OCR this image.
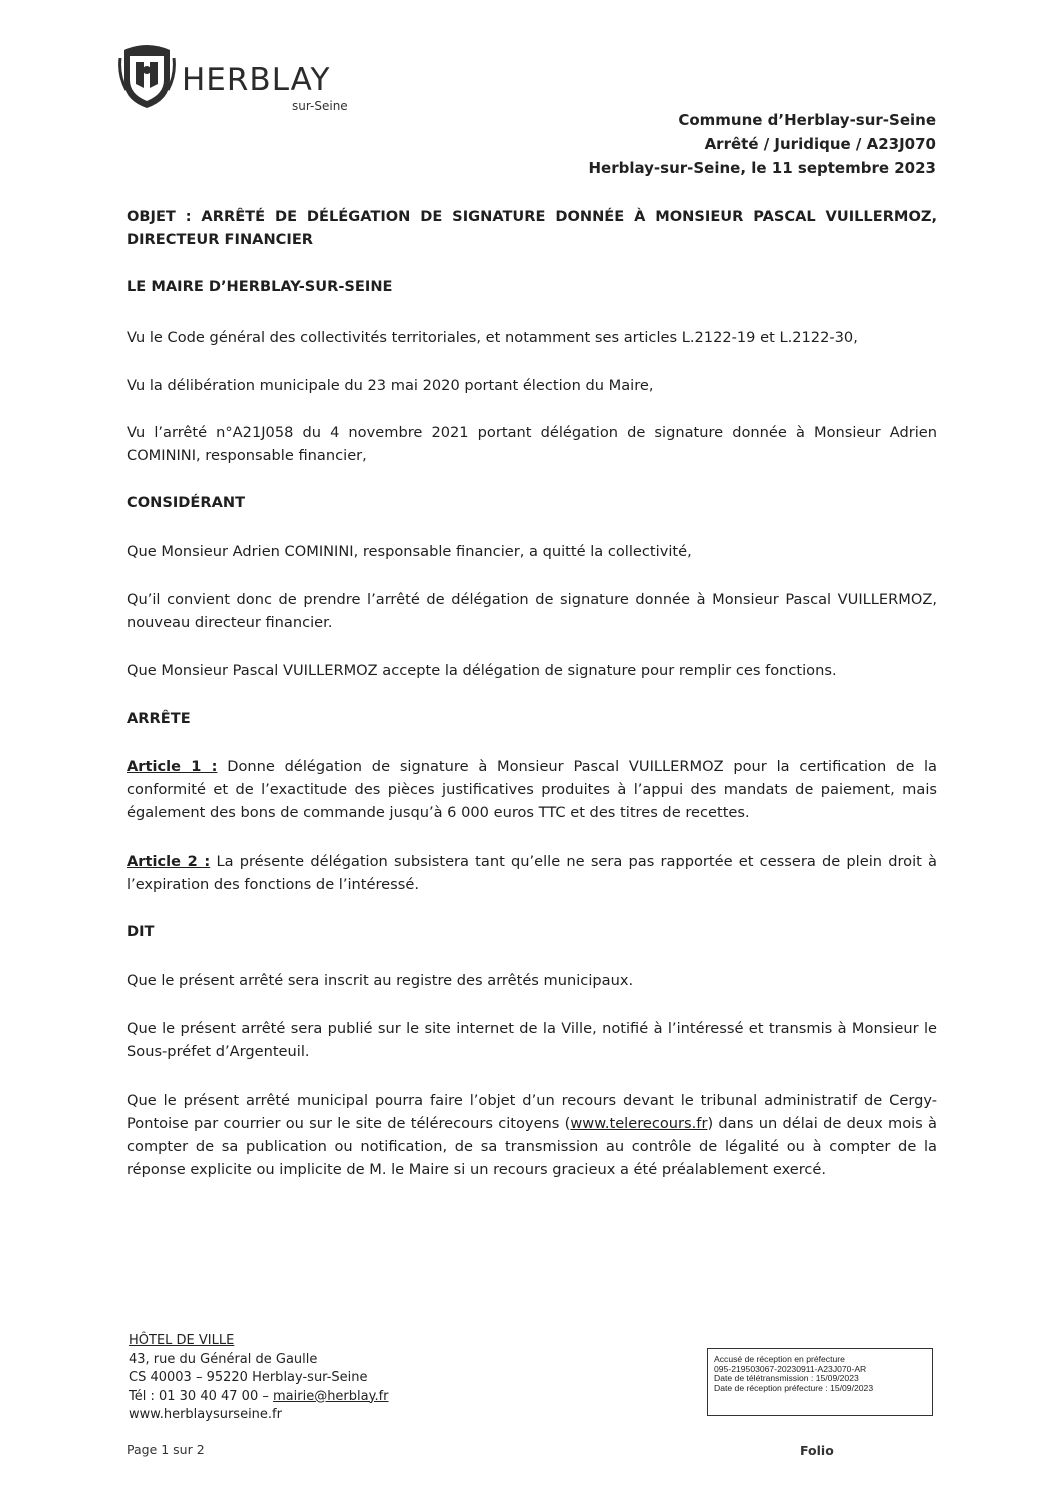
HERBLAY
sur-Seine
Commune d’Herblay-sur-Seine
Arrêté / Juridique / A23J070
Herblay-sur-Seine, le 11 septembre 2023

OBJET : ARRÊTÉ DE DÉLÉGATION DE SIGNATURE DONNÉE À MONSIEUR PASCAL VUILLERMOZ, DIRECTEUR FINANCIER

LE MAIRE D’HERBLAY-SUR-SEINE
Vu le Code général des collectivités territoriales, et notamment ses articles L.2122-19 et L.2122-30,
Vu la délibération municipale du 23 mai 2020 portant élection du Maire,
Vu l’arrêté n°A21J058 du 4 novembre 2021 portant délégation de signature donnée à Monsieur Adrien COMININI, responsable financier,
CONSIDÉRANT
Que Monsieur Adrien COMININI, responsable financier, a quitté la collectivité,
Qu’il convient donc de prendre l’arrêté de délégation de signature donnée à Monsieur Pascal VUILLERMOZ, nouveau directeur financier.
Que Monsieur Pascal VUILLERMOZ accepte la délégation de signature pour remplir ces fonctions.
ARRÊTE
Article 1 : Donne délégation de signature à Monsieur Pascal VUILLERMOZ pour la certification de la conformité et de l’exactitude des pièces justificatives produites à l’appui des mandats de paiement, mais également des bons de commande jusqu’à 6 000 euros TTC et des titres de recettes.
Article 2 : La présente délégation subsistera tant qu’elle ne sera pas rapportée et cessera de plein droit à l’expiration des fonctions de l’intéressé.
DIT
Que le présent arrêté sera inscrit au registre des arrêtés municipaux.
Que le présent arrêté sera publié sur le site internet de la Ville, notifié à l’intéressé et transmis à Monsieur le Sous-préfet d’Argenteuil.
Que le présent arrêté municipal pourra faire l’objet d’un recours devant le tribunal administratif de Cergy-Pontoise par courrier ou sur le site de télérecours citoyens (www.telerecours.fr) dans un délai de deux mois à compter de sa publication ou notification, de sa transmission au contrôle de légalité ou à compter de la réponse explicite ou implicite de M. le Maire si un recours gracieux a été préalablement exercé.
HÔTEL DE VILLE
43, rue du Général de Gaulle
CS 40003 – 95220 Herblay-sur-Seine
Tél : 01 30 40 47 00 – mairie@herblay.fr
www.herblaysurseine.fr
Accusé de réception en préfecture
095-219503067-20230911-A23J070-AR
Date de télétransmission : 15/09/2023
Date de réception préfecture : 15/09/2023
Page 1 sur 2	Folio
